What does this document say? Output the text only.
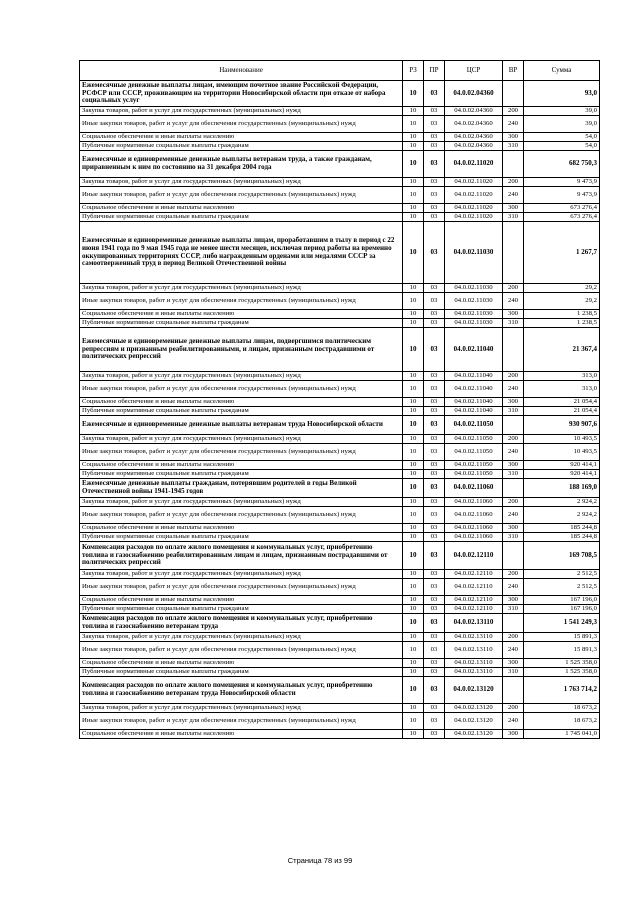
Наименование	РЗ	ПР	ЦСР	ВР	Сумма
Ежемесячные денежные выплаты лицам, имеющим почетное звание Российской Федерации, РСФСР или СССР, проживающим на территории Новосибирской области при отказе от набора социальных услуг	10	03	04.0.02.04360		93,0
Закупка товаров, работ и услуг для государственных (муниципальных) нужд	10	03	04.0.02.04360	200	39,0
Иные закупки товаров, работ и услуг для обеспечения государственных (муниципальных) нужд	10	03	04.0.02.04360	240	39,0
Социальное обеспечение и иные выплаты населению	10	03	04.0.02.04360	300	54,0
Публичные нормативные социальные выплаты гражданам	10	03	04.0.02.04360	310	54,0
Ежемесячные и единовременные денежные выплаты ветеранам труда, а также гражданам, приравненным к ним по состоянию на 31 декабря 2004 года	10	03	04.0.02.11020		682 750,3
Закупка товаров, работ и услуг для государственных (муниципальных) нужд	10	03	04.0.02.11020	200	9 473,9
Иные закупки товаров, работ и услуг для обеспечения государственных (муниципальных) нужд	10	03	04.0.02.11020	240	9 473,9
Социальное обеспечение и иные выплаты населению	10	03	04.0.02.11020	300	673 276,4
Публичные нормативные социальные выплаты гражданам	10	03	04.0.02.11020	310	673 276,4
Ежемесячные и единовременные денежные выплаты лицам, проработавшим в тылу в период с 22 июня 1941 года по 9 мая 1945 года не менее шести месяцев, исключая период работы на временно оккупированных территориях СССР, либо награжденным орденами или медалями СССР за самоотверженный труд в период Великой Отечественной войны	10	03	04.0.02.11030		1 267,7
Закупка товаров, работ и услуг для государственных (муниципальных) нужд	10	03	04.0.02.11030	200	29,2
Иные закупки товаров, работ и услуг для обеспечения государственных (муниципальных) нужд	10	03	04.0.02.11030	240	29,2
Социальное обеспечение и иные выплаты населению	10	03	04.0.02.11030	300	1 238,5
Публичные нормативные социальные выплаты гражданам	10	03	04.0.02.11030	310	1 238,5
Ежемесячные и единовременные денежные выплаты лицам, подвергшимся политическим репрессиям и признанным реабилитированными, и лицам, признанным пострадавшими от политических репрессий	10	03	04.0.02.11040		21 367,4
Закупка товаров, работ и услуг для государственных (муниципальных) нужд	10	03	04.0.02.11040	200	313,0
Иные закупки товаров, работ и услуг для обеспечения государственных (муниципальных) нужд	10	03	04.0.02.11040	240	313,0
Социальное обеспечение и иные выплаты населению	10	03	04.0.02.11040	300	21 054,4
Публичные нормативные социальные выплаты гражданам	10	03	04.0.02.11040	310	21 054,4
Ежемесячные и единовременные денежные выплаты ветеранам труда Новосибирской области	10	03	04.0.02.11050		930 907,6
Закупка товаров, работ и услуг для государственных (муниципальных) нужд	10	03	04.0.02.11050	200	10 493,5
Иные закупки товаров, работ и услуг для обеспечения государственных (муниципальных) нужд	10	03	04.0.02.11050	240	10 493,5
Социальное обеспечение и иные выплаты населению	10	03	04.0.02.11050	300	920 414,1
Публичные нормативные социальные выплаты гражданам	10	03	04.0.02.11050	310	920 414,1
Ежемесячные денежные выплаты гражданам, потерявшим родителей в годы Великой Отечественной войны 1941-1945 годов	10	03	04.0.02.11060		188 169,0
Закупка товаров, работ и услуг для государственных (муниципальных) нужд	10	03	04.0.02.11060	200	2 924,2
Иные закупки товаров, работ и услуг для обеспечения государственных (муниципальных) нужд	10	03	04.0.02.11060	240	2 924,2
Социальное обеспечение и иные выплаты населению	10	03	04.0.02.11060	300	185 244,8
Публичные нормативные социальные выплаты гражданам	10	03	04.0.02.11060	310	185 244,8
Компенсация расходов по оплате жилого помещения и коммунальных услуг, приобретению топлива и газоснабжению реабилитированным лицам и лицам, признанным пострадавшими от политических репрессий	10	03	04.0.02.12110		169 708,5
Закупка товаров, работ и услуг для государственных (муниципальных) нужд	10	03	04.0.02.12110	200	2 512,5
Иные закупки товаров, работ и услуг для обеспечения государственных (муниципальных) нужд	10	03	04.0.02.12110	240	2 512,5
Социальное обеспечение и иные выплаты населению	10	03	04.0.02.12110	300	167 196,0
Публичные нормативные социальные выплаты гражданам	10	03	04.0.02.12110	310	167 196,0
Компенсация расходов по оплате жилого помещения и коммунальных услуг, приобретению топлива и газоснабжению ветеранам труда	10	03	04.0.02.13110		1 541 249,3
Закупка товаров, работ и услуг для государственных (муниципальных) нужд	10	03	04.0.02.13110	200	15 891,3
Иные закупки товаров, работ и услуг для обеспечения государственных (муниципальных) нужд	10	03	04.0.02.13110	240	15 891,3
Социальное обеспечение и иные выплаты населению	10	03	04.0.02.13110	300	1 525 358,0
Публичные нормативные социальные выплаты гражданам	10	03	04.0.02.13110	310	1 525 358,0
Компенсация расходов по оплате жилого помещения и коммунальных услуг, приобретению топлива и газоснабжению ветеранам труда Новосибирской области	10	03	04.0.02.13120		1 763 714,2
Закупка товаров, работ и услуг для государственных (муниципальных) нужд	10	03	04.0.02.13120	200	18 673,2
Иные закупки товаров, работ и услуг для обеспечения государственных (муниципальных) нужд	10	03	04.0.02.13120	240	18 673,2
Социальное обеспечение и иные выплаты населению	10	03	04.0.02.13120	300	1 745 041,0
Страница 78 из 99
